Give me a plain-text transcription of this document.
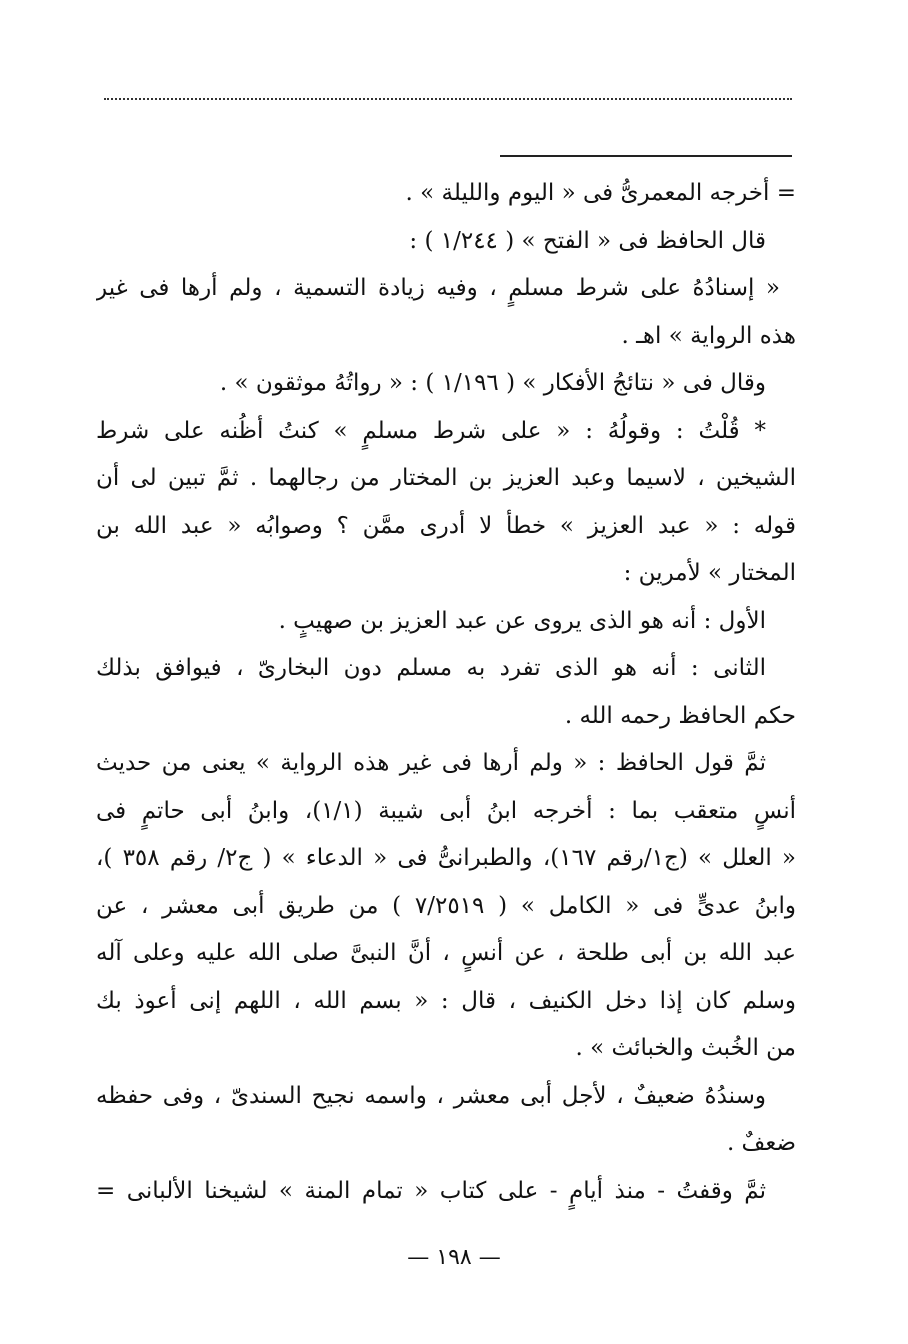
= أخرجه المعمرىُّ فى « اليوم والليلة » .
قال الحافظ فى « الفتح » ( ١/٢٤٤ ) :
« إسنادُهُ على شرط مسلمٍ ، وفيه زيادة التسمية ، ولم أرها فى غير
هذه الرواية » اهـ .
وقال فى « نتائجُ الأفكار » ( ١/١٩٦ ) : « رواتُهُ موثقون » .
* قُلْتُ : وقولُهُ : « على شرط مسلمٍ » كنتُ أظُنه على شرط
الشيخين ، لاسيما وعبد العزيز بن المختار من رجالهما . ثمَّ تبين لى أن
قوله : « عبد العزيز » خطأ لا أدرى ممَّن ؟ وصوابُه « عبد الله بن
المختار » لأمرين :
الأول : أنه هو الذى يروى عن عبد العزيز بن صهيبٍ .
الثانى : أنه هو الذى تفرد به مسلم دون البخارىّ ، فيوافق بذلك
حكم الحافظ رحمه الله .
ثمَّ قول الحافظ : « ولم أرها فى غير هذه الرواية » يعنى من حديث
أنسٍ متعقب بما : أخرجه ابنُ أبى شيبة (١/١)، وابنُ أبى حاتمٍ فى
« العلل » (ج١/رقم ١٦٧)، والطبرانىُّ فى « الدعاء » ( ج٢/ رقم ٣٥٨ )،
وابنُ عدىٍّ فى « الكامل » ( ٧/٢٥١٩ ) من طريق أبى معشر ، عن
عبد الله بن أبى طلحة ، عن أنسٍ ، أنَّ النبىَّ صلى الله عليه وعلى آله
وسلم كان إذا دخل الكنيف ، قال : « بسم الله ، اللهم إنى أعوذ بك
من الخُبث والخبائث » .
وسندُهُ ضعيفٌ ، لأجل أبى معشر ، واسمه نجيح السندىّ ، وفى حفظه
ضعفٌ .
ثمَّ وقفتُ - منذ أيامٍ - على كتاب « تمام المنة » لشيخنا الألبانى =
— ١٩٨ —
